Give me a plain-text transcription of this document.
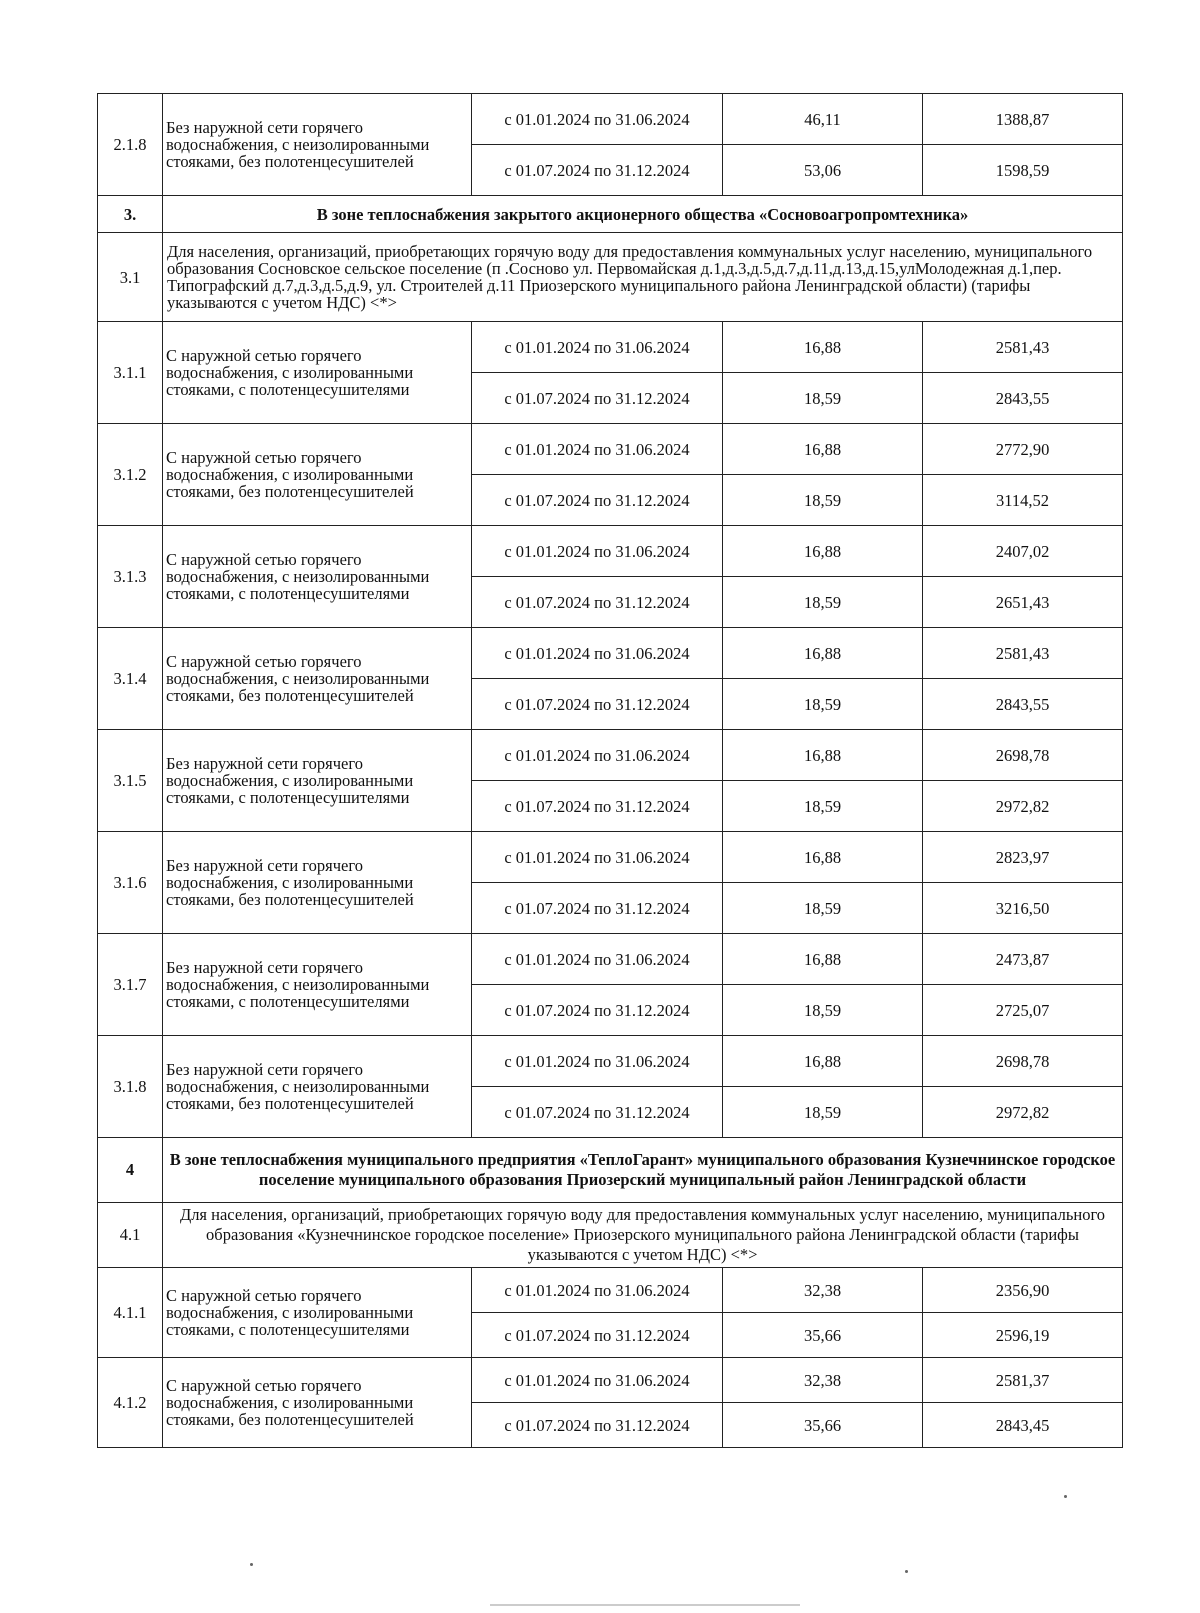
2.1.8	Без наружной сети горячего водоснабжения, с неизолированными стояками, без полотенцесушителей	с 01.01.2024 по 31.06.2024	46,11	1388,87
		с 01.07.2024 по 31.12.2024	53,06	1598,59
3.	В зоне теплоснабжения закрытого акционерного общества «Сосновоагропромтехника»			
3.1	Для населения, организаций, приобретающих горячую воду для предоставления коммунальных услуг населению, муниципального образования Сосновское сельское поселение (п .Сосново ул. Первомайская д.1,д.3,д.5,д.7,д.11,д.13,д.15,улМолодежная д.1,пер. Типографский д.7,д.3,д.5,д.9, ул. Строителей д.11 Приозерского муниципального района Ленинградской области) (тарифы указываются с учетом НДС) <*>			
3.1.1	С наружной сетью горячего водоснабжения, с изолированными стояками, с полотенцесушителями	с 01.01.2024 по 31.06.2024	16,88	2581,43
		с 01.07.2024 по 31.12.2024	18,59	2843,55
3.1.2	С наружной сетью горячего водоснабжения, с изолированными стояками, без полотенцесушителей	с 01.01.2024 по 31.06.2024	16,88	2772,90
		с 01.07.2024 по 31.12.2024	18,59	3114,52
3.1.3	С наружной сетью горячего водоснабжения, с неизолированными стояками, с полотенцесушителями	с 01.01.2024 по 31.06.2024	16,88	2407,02
		с 01.07.2024 по 31.12.2024	18,59	2651,43
3.1.4	С наружной сетью горячего водоснабжения, с неизолированными стояками, без полотенцесушителей	с 01.01.2024 по 31.06.2024	16,88	2581,43
		с 01.07.2024 по 31.12.2024	18,59	2843,55
3.1.5	Без наружной сети горячего водоснабжения, с изолированными стояками, с полотенцесушителями	с 01.01.2024 по 31.06.2024	16,88	2698,78
		с 01.07.2024 по 31.12.2024	18,59	2972,82
3.1.6	Без наружной сети горячего водоснабжения, с изолированными стояками, без полотенцесушителей	с 01.01.2024 по 31.06.2024	16,88	2823,97
		с 01.07.2024 по 31.12.2024	18,59	3216,50
3.1.7	Без наружной сети горячего водоснабжения, с неизолированными стояками, с полотенцесушителями	с 01.01.2024 по 31.06.2024	16,88	2473,87
		с 01.07.2024 по 31.12.2024	18,59	2725,07
3.1.8	Без наружной сети горячего водоснабжения, с неизолированными стояками, без полотенцесушителей	с 01.01.2024 по 31.06.2024	16,88	2698,78
		с 01.07.2024 по 31.12.2024	18,59	2972,82
4	В зоне теплоснабжения муниципального предприятия «ТеплоГарант» муниципального образования Кузнечнинское городское поселение муниципального образования Приозерский муниципальный район Ленинградской области			
4.1	Для населения, организаций, приобретающих горячую воду для предоставления коммунальных услуг населению, муниципального образования «Кузнечнинское городское поселение» Приозерского муниципального района Ленинградской области (тарифы указываются с учетом НДС) <*>			
4.1.1	С наружной сетью горячего водоснабжения, с изолированными стояками, с полотенцесушителями	с 01.01.2024 по 31.06.2024	32,38	2356,90
		с 01.07.2024 по 31.12.2024	35,66	2596,19
4.1.2	С наружной сетью горячего водоснабжения, с изолированными стояками, без полотенцесушителей	с 01.01.2024 по 31.06.2024	32,38	2581,37
		с 01.07.2024 по 31.12.2024	35,66	2843,45
